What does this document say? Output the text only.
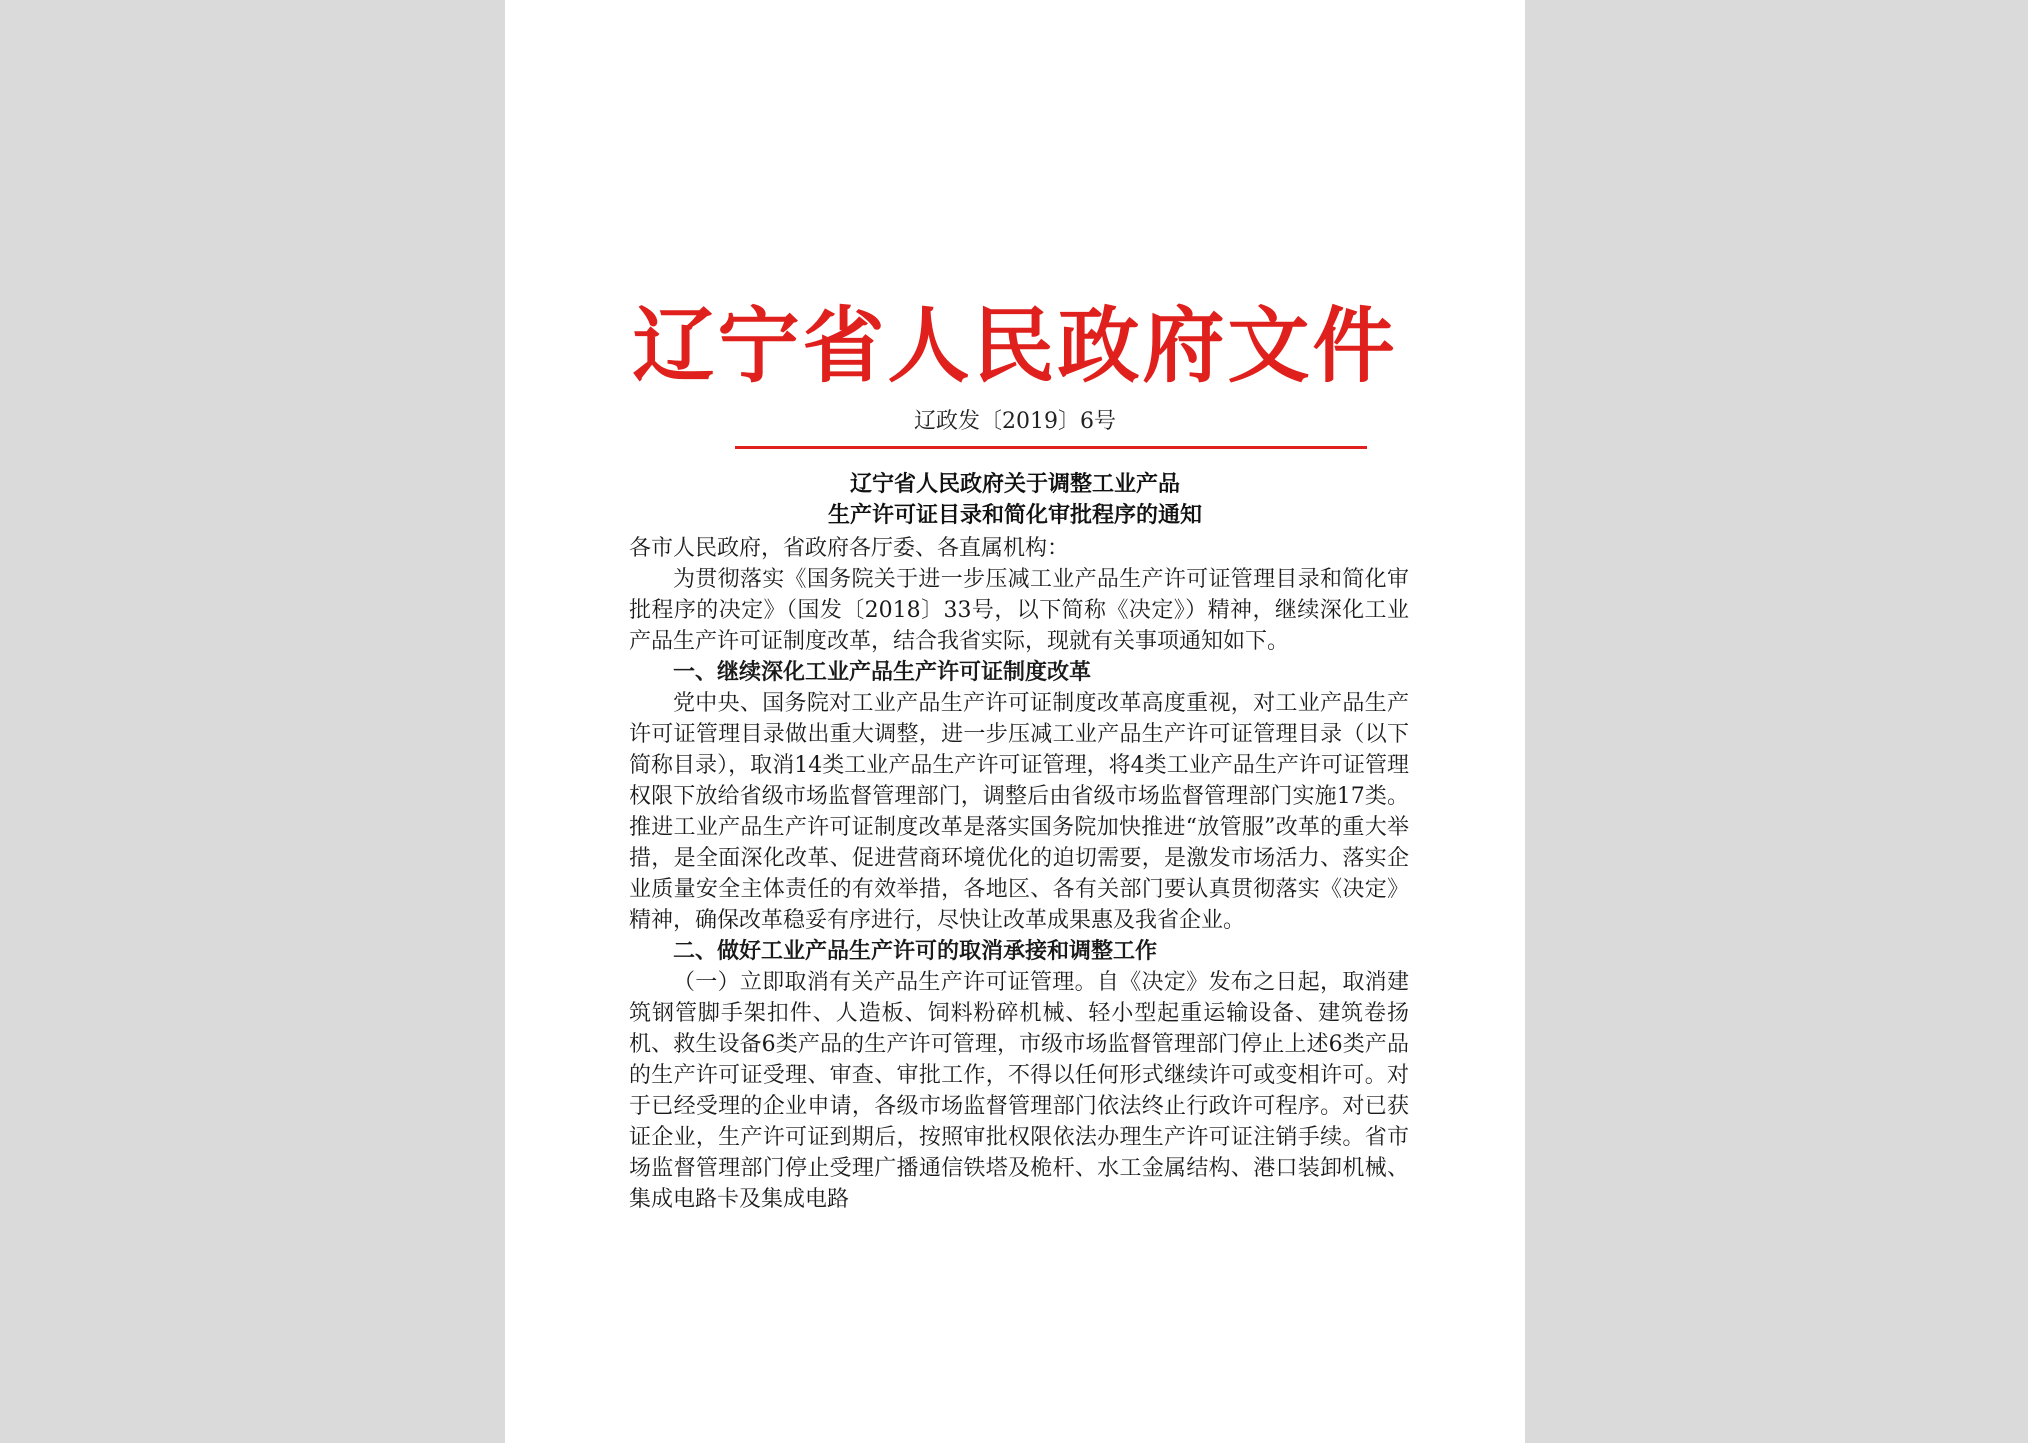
辽宁省人民政府文件
辽政发〔2019〕6号
辽宁省人民政府关于调整工业产品
生产许可证目录和简化审批程序的通知

各市人民政府，省政府各厅委、各直属机构：

为贯彻落实《国务院关于进一步压减工业产品生产许可证管理目录和简化审批程序的决定》（国发〔2018〕33号，以下简称《决定》）精神，继续深化工业产品生产许可证制度改革，结合我省实际，现就有关事项通知如下。

一、继续深化工业产品生产许可证制度改革

党中央、国务院对工业产品生产许可证制度改革高度重视，对工业产品生产许可证管理目录做出重大调整，进一步压减工业产品生产许可证管理目录（以下简称目录），取消14类工业产品生产许可证管理，将4类工业产品生产许可证管理权限下放给省级市场监督管理部门，调整后由省级市场监督管理部门实施17类。推进工业产品生产许可证制度改革是落实国务院加快推进“放管服”改革的重大举措，是全面深化改革、促进营商环境优化的迫切需要，是激发市场活力、落实企业质量安全主体责任的有效举措，各地区、各有关部门要认真贯彻落实《决定》精神，确保改革稳妥有序进行，尽快让改革成果惠及我省企业。

二、做好工业产品生产许可的取消承接和调整工作

（一）立即取消有关产品生产许可证管理。自《决定》发布之日起，取消建筑钢管脚手架扣件、人造板、饲料粉碎机械、轻小型起重运输设备、建筑卷扬机、救生设备6类产品的生产许可管理，市级市场监督管理部门停止上述6类产品的生产许可证受理、审查、审批工作，不得以任何形式继续许可或变相许可。对于已经受理的企业申请，各级市场监督管理部门依法终止行政许可程序。对已获证企业，生产许可证到期后，按照审批权限依法办理生产许可证注销手续。省市场监督管理部门停止受理广播通信铁塔及桅杆、水工金属结构、港口装卸机械、集成电路卡及集成电路
